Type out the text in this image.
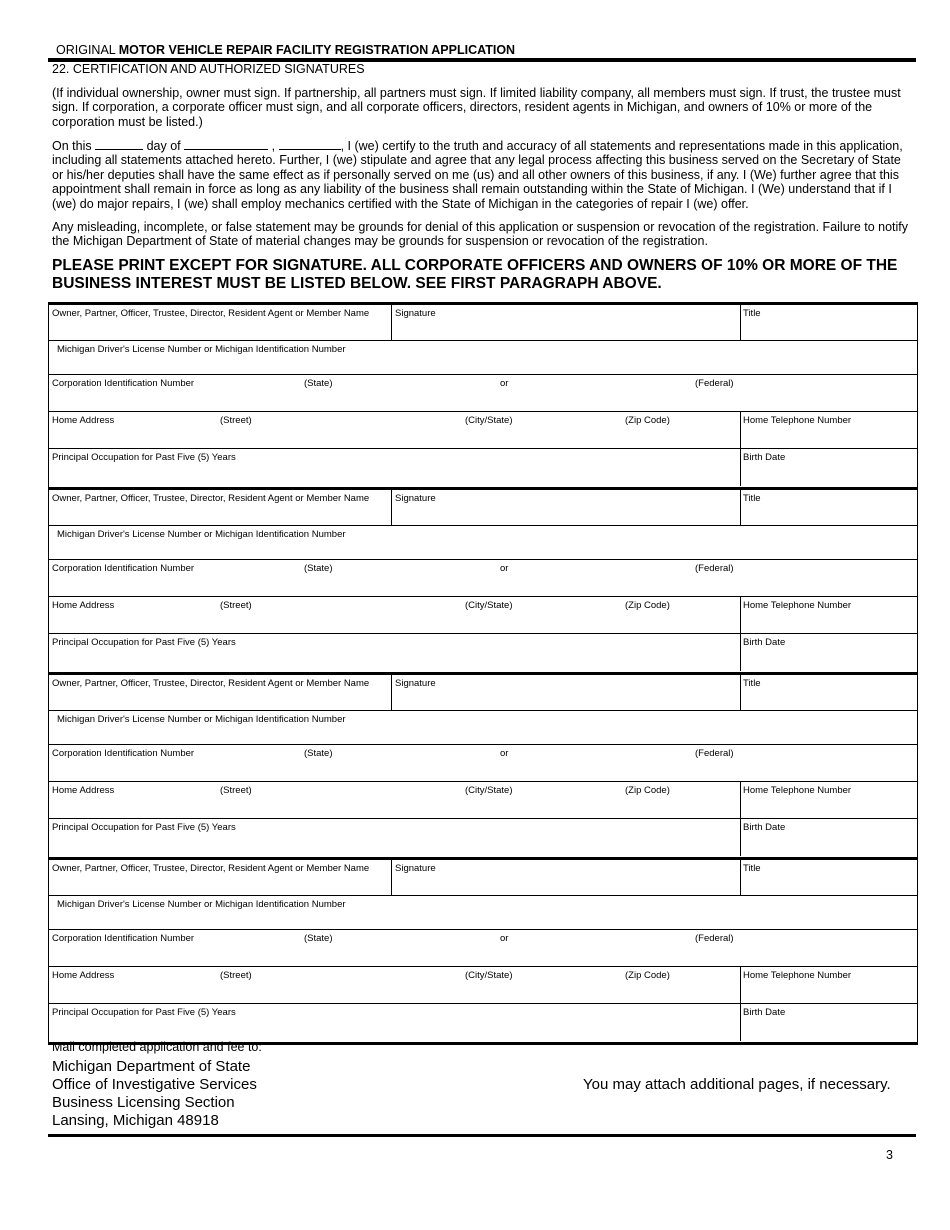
ORIGINAL MOTOR VEHICLE REPAIR FACILITY REGISTRATION APPLICATION
22. CERTIFICATION AND AUTHORIZED SIGNATURES

(If individual ownership, owner must sign. If partnership, all partners must sign. If limited liability company, all members must sign. If trust, the trustee must sign. If corporation, a corporate officer must sign, and all corporate officers, directors, resident agents in Michigan, and owners of 10% or more of the corporation must be listed.)

On this	day of	,	, I (we) certify to the truth and accuracy of all statements and representations made in this application, including all statements attached hereto. Further, I (we) stipulate and agree that any legal process affecting this business served on the Secretary of State or his/her deputies shall have the same effect as if personally served on me (us) and all other owners of this business, if any. I (We) further agree that this appointment shall remain in force as long as any liability of the business shall remain outstanding within the State of Michigan. I (We) understand that if I (we) do major repairs, I (we) shall employ mechanics certified with the State of Michigan in the categories of repair I (we) offer.

Any misleading, incomplete, or false statement may be grounds for denial of this application or suspension or revocation of the registration. Failure to notify the Michigan Department of State of material changes may be grounds for suspension or revocation of the registration.

PLEASE PRINT EXCEPT FOR SIGNATURE. ALL CORPORATE OFFICERS AND OWNERS OF 10% OR MORE OF THE BUSINESS INTEREST MUST BE LISTED BELOW. SEE FIRST PARAGRAPH ABOVE.
Owner, Partner, Officer, Trustee, Director, Resident Agent or Member Name	Signature	Title
Michigan Driver's License Number or Michigan Identification Number
Corporation Identification Number	(State)	or	(Federal)
Home Address	(Street)	(City/State)	(Zip Code)	Home Telephone Number
Principal Occupation for Past Five (5) Years	Birth Date
Owner, Partner, Officer, Trustee, Director, Resident Agent or Member Name	Signature	Title
Michigan Driver's License Number or Michigan Identification Number
Corporation Identification Number	(State)	or	(Federal)
Home Address	(Street)	(City/State)	(Zip Code)	Home Telephone Number
Principal Occupation for Past Five (5) Years	Birth Date
Owner, Partner, Officer, Trustee, Director, Resident Agent or Member Name	Signature	Title
Michigan Driver's License Number or Michigan Identification Number
Corporation Identification Number	(State)	or	(Federal)
Home Address	(Street)	(City/State)	(Zip Code)	Home Telephone Number
Principal Occupation for Past Five (5) Years	Birth Date
Owner, Partner, Officer, Trustee, Director, Resident Agent or Member Name	Signature	Title
Michigan Driver's License Number or Michigan Identification Number
Corporation Identification Number	(State)	or	(Federal)
Home Address	(Street)	(City/State)	(Zip Code)	Home Telephone Number
Principal Occupation for Past Five (5) Years	Birth Date
Mail completed application and fee to:
Michigan Department of State
Office of Investigative Services
Business Licensing Section
Lansing, Michigan 48918
You may attach additional pages, if necessary.
3
